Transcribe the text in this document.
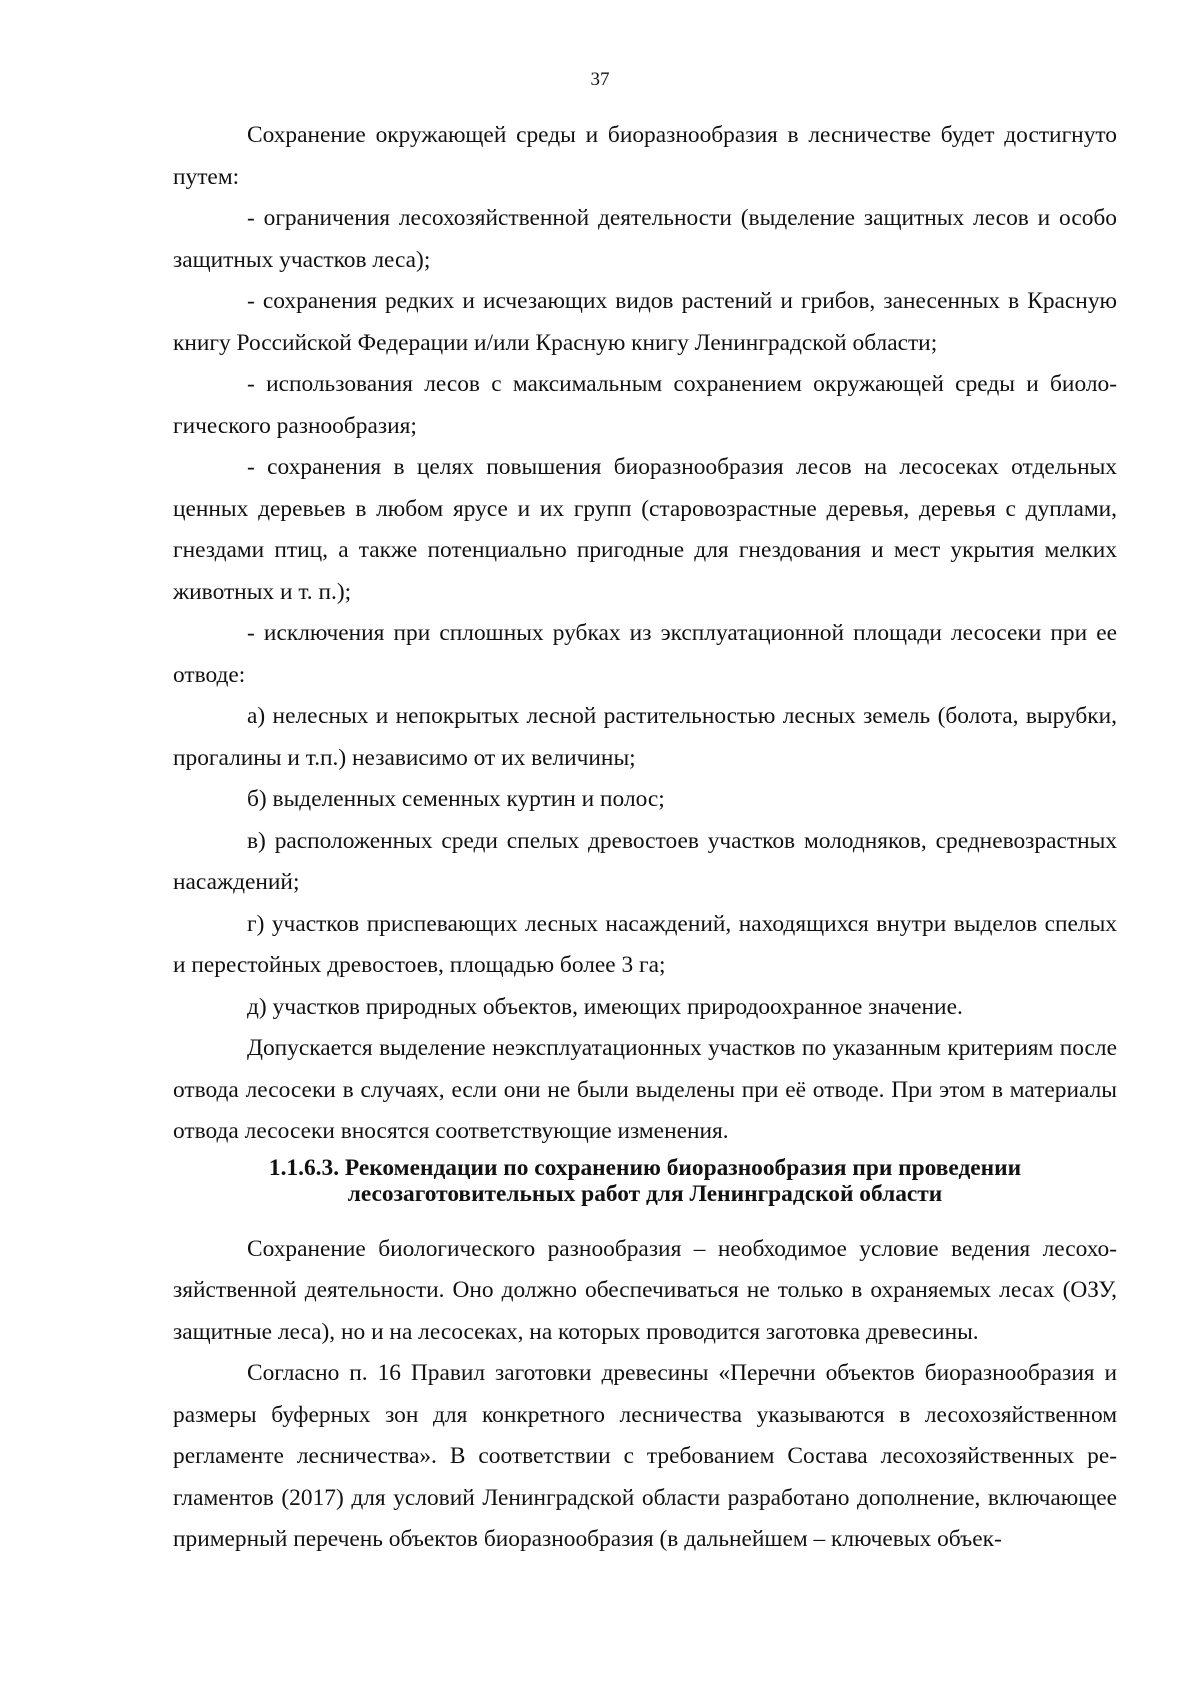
37

Сохранение окружающей среды и биоразнообразия в лесничестве будет достигнуто путем:

- ограничения лесохозяйственной деятельности (выделение защитных лесов и особо защитных участков леса);

- сохранения редких и исчезающих видов растений и грибов, занесенных в Красную книгу Российской Федерации и/или Красную книгу Ленинградской области;

- использования лесов с максимальным сохранением окружающей среды и биологического разнообразия;

- сохранения в целях повышения биоразнообразия лесов на лесосеках отдельных ценных деревьев в любом ярусе и их групп (старовозрастные деревья, деревья с дуплами, гнездами птиц, а также потенциально пригодные для гнездования и мест укрытия мелких животных и т. п.);

- исключения при сплошных рубках из эксплуатационной площади лесосеки при ее отводе:

а) нелесных и непокрытых лесной растительностью лесных земель (болота, вырубки, прогалины и т.п.) независимо от их величины;

б) выделенных семенных куртин и полос;

в) расположенных среди спелых древостоев участков молодняков, средневозрастных насаждений;

г) участков приспевающих лесных насаждений, находящихся внутри выделов спелых и перестойных древостоев, площадью более 3 га;

д) участков природных объектов, имеющих природоохранное значение.

Допускается выделение неэксплуатационных участков по указанным критериям после отвода лесосеки в случаях, если они не были выделены при её отводе. При этом в материалы отвода лесосеки вносятся соответствующие изменения.

1.1.6.3. Рекомендации по сохранению биоразнообразия при проведении
лесозаготовительных работ для Ленинградской области

Сохранение биологического разнообразия – необходимое условие ведения лесохозяйственной деятельности. Оно должно обеспечиваться не только в охраняемых лесах (ОЗУ, защитные леса), но и на лесосеках, на которых проводится заготовка древесины.

Согласно п. 16 Правил заготовки древесины «Перечни объектов биоразнообразия и размеры буферных зон для конкретного лесничества указываются в лесохозяйственном регламенте лесничества». В соответствии с требованием Состава лесохозяйственных регламентов (2017) для условий Ленинградской области разработано дополнение, включающее примерный перечень объектов биоразнообразия (в дальнейшем – ключевых объек-
